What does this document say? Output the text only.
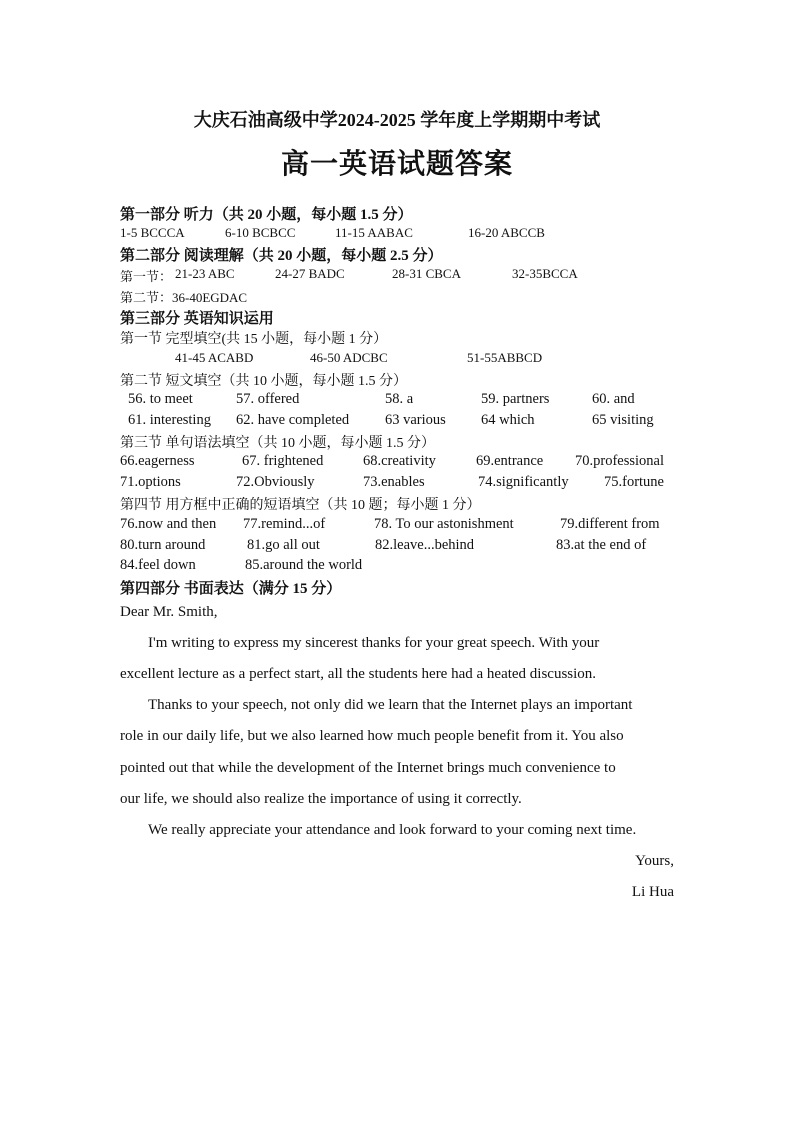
大庆石油高级中学2024-2025 学年度上学期期中考试
高一英语试题答案
第一部分 听力（共 20 小题，每小题 1.5 分）
1-5 BCCCA	6-10 BCBCC	11-15 AABAC	16-20 ABCCB
第二部分 阅读理解（共 20 小题，每小题 2.5 分）
第一节： 21-23 ABC	24-27 BADC	28-31 CBCA	32-35BCCA
第二节：36-40EGDAC
第三部分 英语知识运用
第一节 完型填空(共 15 小题，每小题 1 分）
41-45 ACABD	46-50 ADCBC	51-55ABBCD
第二节 短文填空（共 10 小题，每小题 1.5 分）
56. to meet	57. offered	58. a	59. partners	60. and
61. interesting 62. have completed 63 various 64 which	65 visiting
第三节 单句语法填空（共 10 小题，每小题 1.5 分）
66.eagerness	67. frightened	68.creativity	69.entrance 70.professional
71.options	72.Obviously	73.enables	74.significantly 75.fortune
第四节 用方框中正确的短语填空（共 10 题；每小题 1 分）
76.now and then 77.remind...of	78. To our astonishment	79.different from
80.turn around	81.go all out	82.leave...behind	83.at the end of
84.feel down	85.around the world
第四部分 书面表达（满分 15 分）
Dear Mr. Smith,
I'm writing to express my sincerest thanks for your great speech. With your
excellent lecture as a perfect start, all the students here had a heated discussion.
Thanks to your speech, not only did we learn that the Internet plays an important
role in our daily life, but we also learned how much people benefit from it. You also
pointed out that while the development of the Internet brings much convenience to
our life, we should also realize the importance of using it correctly.
We really appreciate your attendance and look forward to your coming next time.
Yours,
Li Hua
